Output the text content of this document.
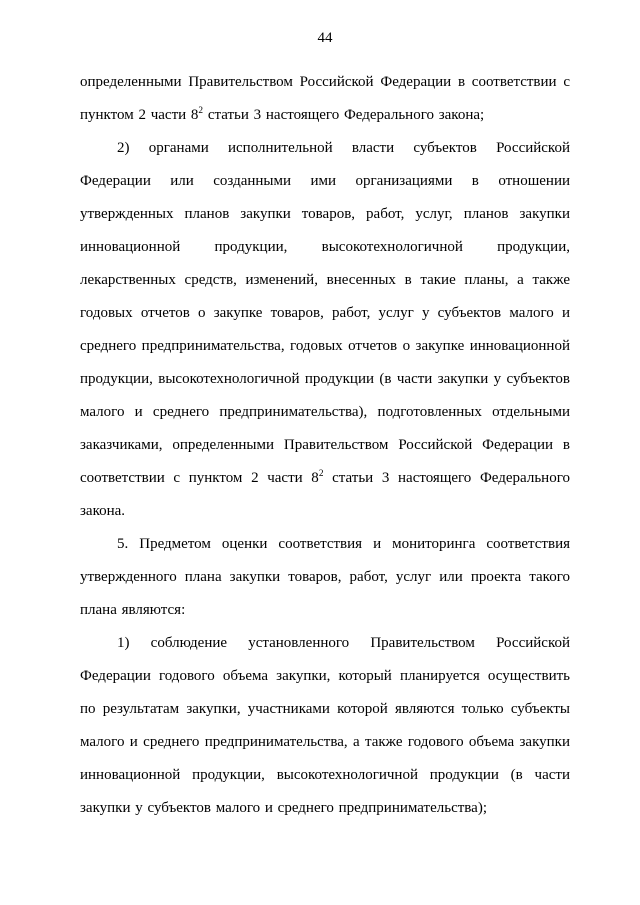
44

определенными Правительством Российской Федерации в соответствии с пунктом 2 части $8^2$ статьи 3 настоящего Федерального закона;

2) органами исполнительной власти субъектов Российской Федерации или созданными ими организациями в отношении утвержденных планов закупки товаров, работ, услуг, планов закупки инновационной продукции, высокотехнологичной продукции, лекарственных средств, изменений, внесенных в такие планы, а также годовых отчетов о закупке товаров, работ, услуг у субъектов малого и среднего предпринимательства, годовых отчетов о закупке инновационной продукции, высокотехнологичной продукции (в части закупки у субъектов малого и среднего предпринимательства), подготовленных отдельными заказчиками, определенными Правительством Российской Федерации в соответствии с пунктом 2 части $8^2$ статьи 3 настоящего Федерального закона.

5. Предметом оценки соответствия и мониторинга соответствия утвержденного плана закупки товаров, работ, услуг или проекта такого плана являются:

1) соблюдение установленного Правительством Российской Федерации годового объема закупки, который планируется осуществить по результатам закупки, участниками которой являются только субъекты малого и среднего предпринимательства, а также годового объема закупки инновационной продукции, высокотехнологичной продукции (в части закупки у субъектов малого и среднего предпринимательства);
